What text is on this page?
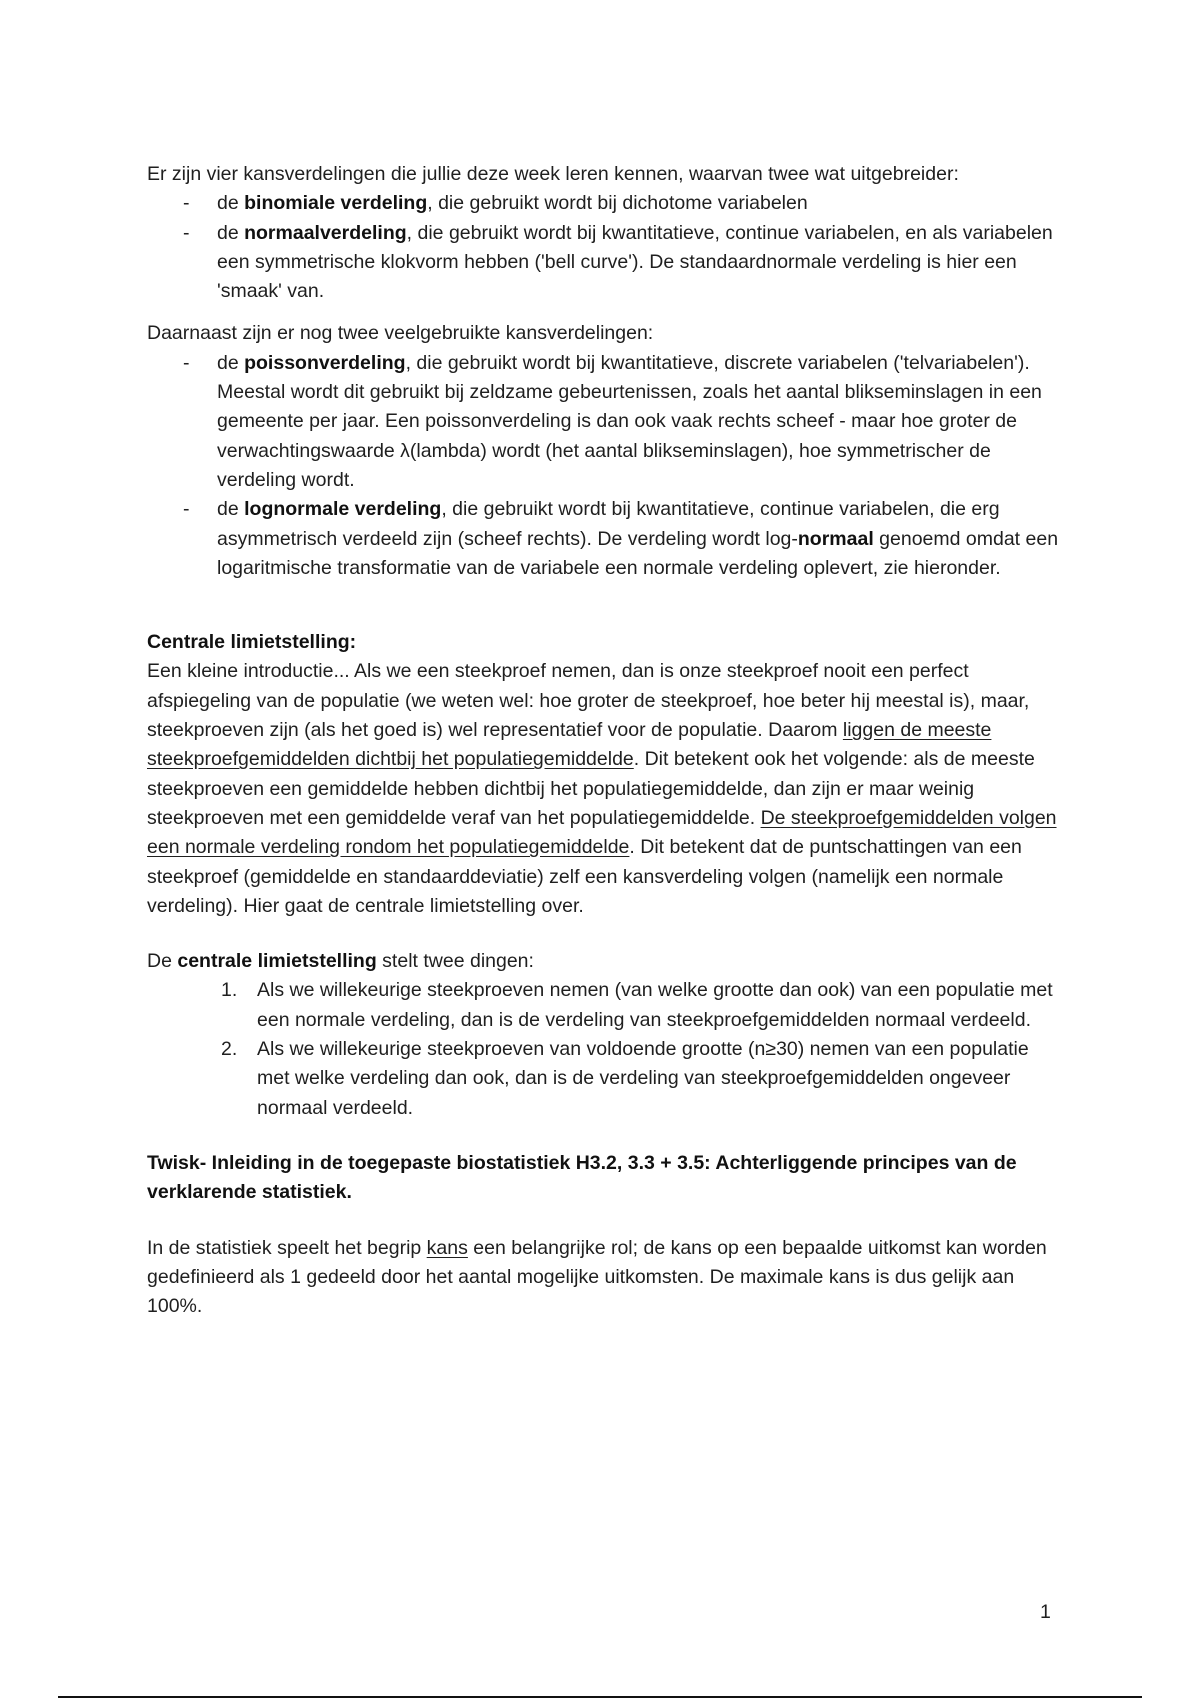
Er zijn vier kansverdelingen die jullie deze week leren kennen, waarvan twee wat uitgebreider:

- de binomiale verdeling, die gebruikt wordt bij dichotome variabelen
- de normaalverdeling, die gebruikt wordt bij kwantitatieve, continue variabelen, en als variabelen een symmetrische klokvorm hebben ('bell curve'). De standaardnormale verdeling is hier een 'smaak' van.

Daarnaast zijn er nog twee veelgebruikte kansverdelingen:

- de poissonverdeling, die gebruikt wordt bij kwantitatieve, discrete variabelen ('telvariabelen'). Meestal wordt dit gebruikt bij zeldzame gebeurtenissen, zoals het aantal blikseminslagen in een gemeente per jaar. Een poissonverdeling is dan ook vaak rechts scheef - maar hoe groter de verwachtingswaarde λ(lambda) wordt (het aantal blikseminslagen), hoe symmetrischer de verdeling wordt.
- de lognormale verdeling, die gebruikt wordt bij kwantitatieve, continue variabelen, die erg asymmetrisch verdeeld zijn (scheef rechts). De verdeling wordt log-normaal genoemd omdat een logaritmische transformatie van de variabele een normale verdeling oplevert, zie hieronder.

Centrale limietstelling:

Een kleine introductie... Als we een steekproef nemen, dan is onze steekproef nooit een perfect afspiegeling van de populatie (we weten wel: hoe groter de steekproef, hoe beter hij meestal is), maar, steekproeven zijn (als het goed is) wel representatief voor de populatie. Daarom liggen de meeste steekproefgemiddelden dichtbij het populatiegemiddelde. Dit betekent ook het volgende: als de meeste steekproeven een gemiddelde hebben dichtbij het populatiegemiddelde, dan zijn er maar weinig steekproeven met een gemiddelde veraf van het populatiegemiddelde. De steekproefgemiddelden volgen een normale verdeling rondom het populatiegemiddelde. Dit betekent dat de puntschattingen van een steekproef (gemiddelde en standaarddeviatie) zelf een kansverdeling volgen (namelijk een normale verdeling). Hier gaat de centrale limietstelling over.

De centrale limietstelling stelt twee dingen:

1. Als we willekeurige steekproeven nemen (van welke grootte dan ook) van een populatie met een normale verdeling, dan is de verdeling van steekproefgemiddelden normaal verdeeld.
2. Als we willekeurige steekproeven van voldoende grootte (n≥30) nemen van een populatie met welke verdeling dan ook, dan is de verdeling van steekproefgemiddelden ongeveer normaal verdeeld.

Twisk- Inleiding in de toegepaste biostatistiek H3.2, 3.3 + 3.5: Achterliggende principes van de verklarende statistiek.

In de statistiek speelt het begrip kans een belangrijke rol; de kans op een bepaalde uitkomst kan worden gedefinieerd als 1 gedeeld door het aantal mogelijke uitkomsten. De maximale kans is dus gelijk aan 100%.

1
